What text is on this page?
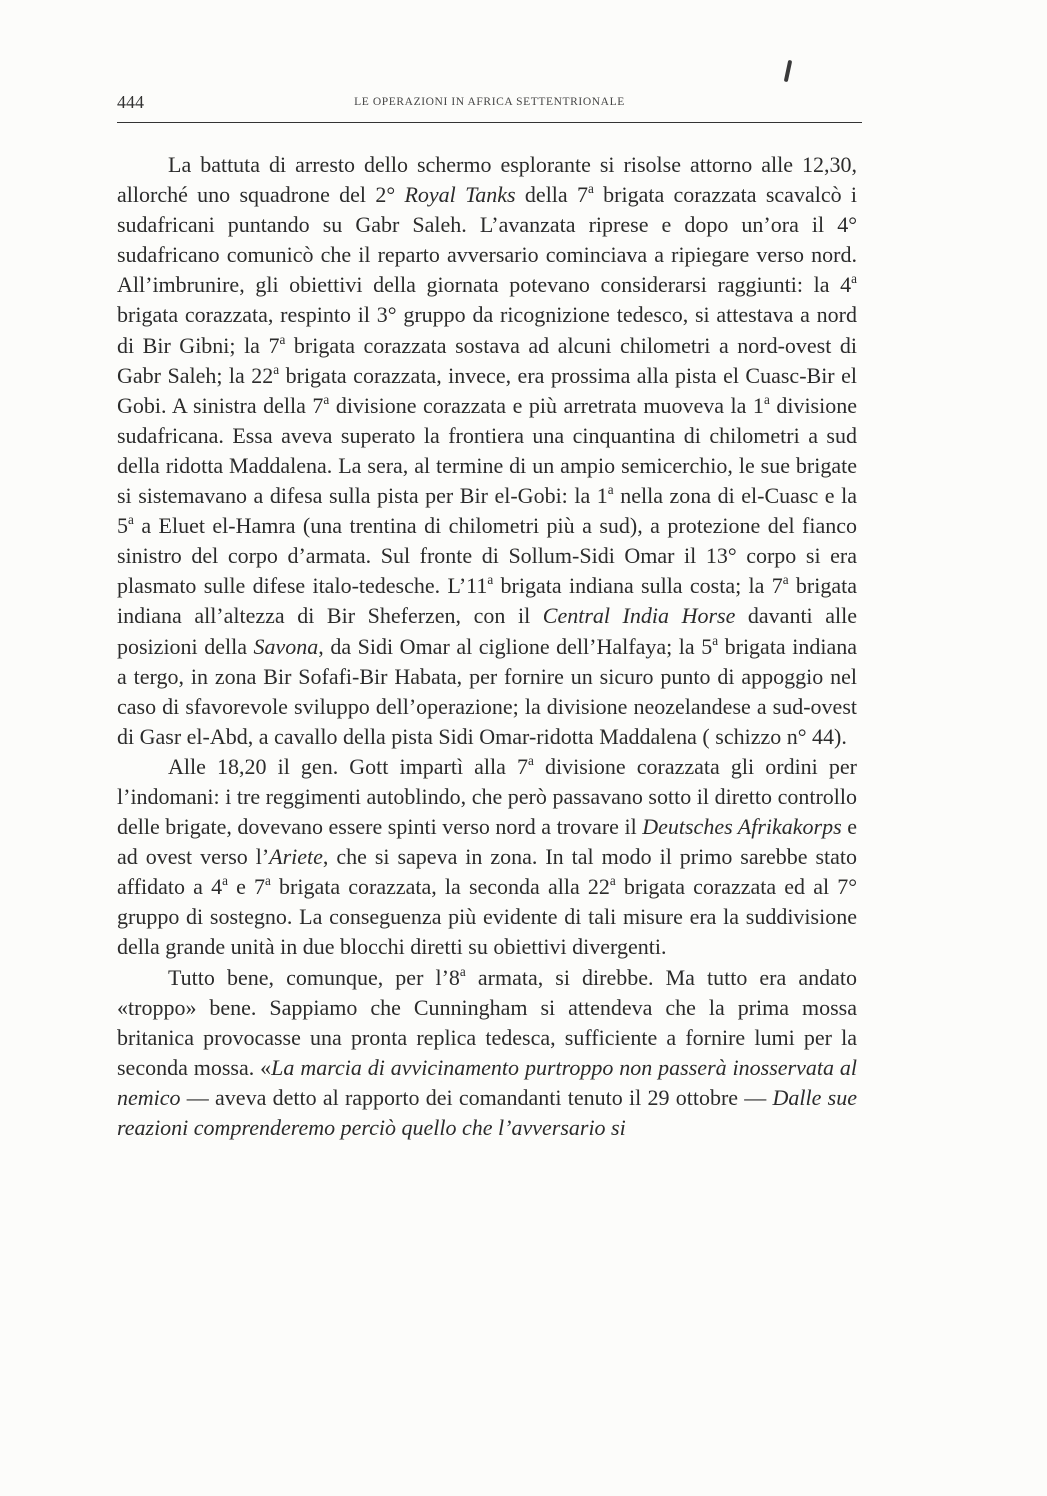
444	LE OPERAZIONI IN AFRICA SETTENTRIONALE

La battuta di arresto dello schermo esplorante si risolse attorno alle 12,30, allorché uno squadrone del 2° Royal Tanks della 7$^a$ brigata corazzata scavalcò i sudafricani puntando su Gabr Saleh. L’avanzata riprese e dopo un’ora il 4° sudafricano comunicò che il reparto avversario cominciava a ripiegare verso nord. All’imbrunire, gli obiettivi della giornata potevano considerarsi raggiunti: la 4$^a$ brigata corazzata, respinto il 3° gruppo da ricognizione tedesco, si attestava a nord di Bir Gibni; la 7$^a$ brigata corazzata sostava ad alcuni chilometri a nord-ovest di Gabr Saleh; la 22$^a$ brigata corazzata, invece, era prossima alla pista el Cuasc-Bir el Gobi. A sinistra della 7$^a$ divisione corazzata e più arretrata muoveva la 1$^a$ divisione sudafricana. Essa aveva superato la frontiera una cinquantina di chilometri a sud della ridotta Maddalena. La sera, al termine di un ampio semicerchio, le sue brigate si sistemavano a difesa sulla pista per Bir el-Gobi: la 1$^a$ nella zona di el-Cuasc e la 5$^a$ a Eluet el-Hamra (una trentina di chilometri più a sud), a protezione del fianco sinistro del corpo d’armata. Sul fronte di Sollum-Sidi Omar il 13° corpo si era plasmato sulle difese italo-tedesche. L’11$^a$ brigata indiana sulla costa; la 7$^a$ brigata indiana all’altezza di Bir Sheferzen, con il Central India Horse davanti alle posizioni della Savona, da Sidi Omar al ciglione dell’Halfaya; la 5$^a$ brigata indiana a tergo, in zona Bir Sofafi-Bir Habata, per fornire un sicuro punto di appoggio nel caso di sfavorevole sviluppo dell’operazione; la divisione neozelandese a sud-ovest di Gasr el-Abd, a cavallo della pista Sidi Omar-ridotta Maddalena ( schizzo n° 44).

Alle 18,20 il gen. Gott impartì alla 7$^a$ divisione corazzata gli ordini per l’indomani: i tre reggimenti autoblindo, che però passavano sotto il diretto controllo delle brigate, dovevano essere spinti verso nord a trovare il Deutsches Afrikakorps e ad ovest verso l’Ariete, che si sapeva in zona. In tal modo il primo sarebbe stato affidato a 4$^a$ e 7$^a$ brigata corazzata, la seconda alla 22$^a$ brigata corazzata ed al 7° gruppo di sostegno. La conseguenza più evidente di tali misure era la suddivisione della grande unità in due blocchi diretti su obiettivi divergenti.

Tutto bene, comunque, per l’8$^a$ armata, si direbbe. Ma tutto era andato «troppo» bene. Sappiamo che Cunningham si attendeva che la prima mossa britanica provocasse una pronta replica tedesca, sufficiente a fornire lumi per la seconda mossa. «La marcia di avvicinamento purtroppo non passerà inosservata al nemico — aveva detto al rapporto dei comandanti tenuto il 29 ottobre — Dalle sue reazioni comprenderemo perciò quello che l’avversario si
